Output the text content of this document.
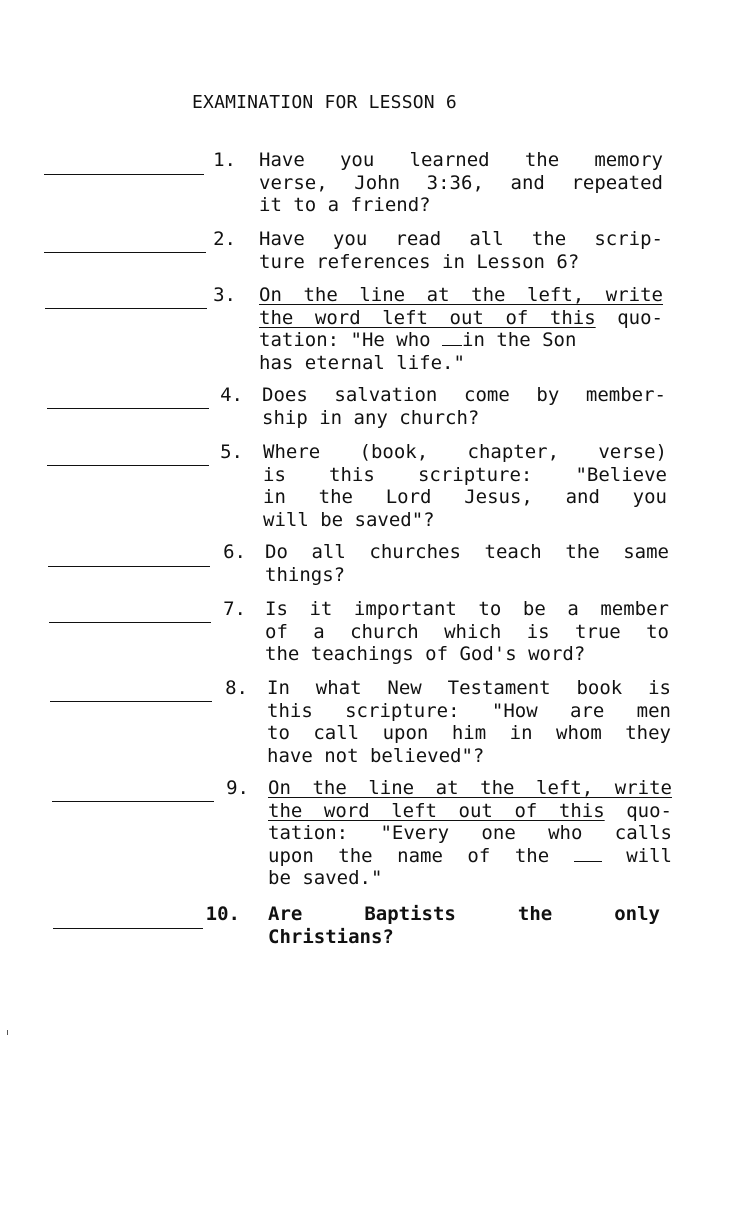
EXAMINATION FOR LESSON 6
1. Have you learned the memory
verse, John 3:36, and repeated
it to a friend?
2. Have you read all the scrip-
ture references in Lesson 6?
3. On the line at the left, write
the word left out of this quo-
tation: "He who in the Son
has eternal life."
4. Does salvation come by member-
ship in any church?
5. Where (book, chapter, verse)
is this scripture: "Believe
in the Lord Jesus, and you
will be saved"?
6. Do all churches teach the same
things?
7. Is it important to be a member
of a church which is true to
the teachings of God's word?
8. In what New Testament book is
this scripture: "How are men
to call upon him in whom they
have not believed"?
9. On the line at the left, write
the word left out of this quo-
tation: "Every one who calls
upon the name of the	will
be saved."
10. Are Baptists the only
Christians?
